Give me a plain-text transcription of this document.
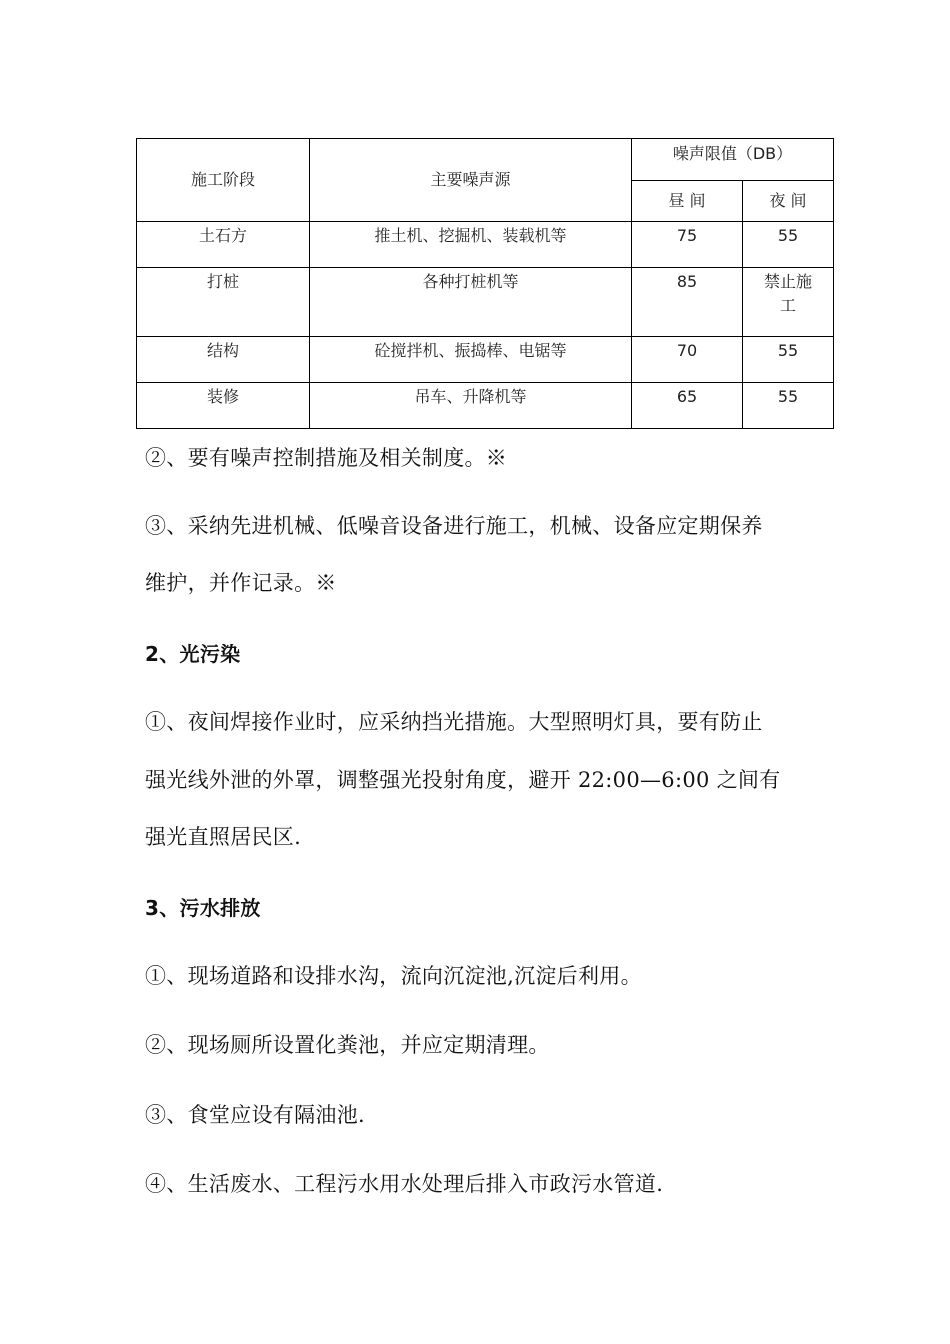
施工阶段	主要噪声源	噪声限值（DB）	
		昼 间	夜 间
土石方	推土机、挖掘机、装载机等	75	55
打桩	各种打桩机等	85	禁止施
工

结构	砼搅拌机、振捣棒、电锯等	70	55
装修	吊车、升降机等	65	55

②、要有噪声控制措施及相关制度。※

③、采纳先进机械、低噪音设备进行施工，机械、设备应定期保养

维护，并作记录。※

2、光污染

①、夜间焊接作业时，应采纳挡光措施。大型照明灯具，要有防止

强光线外泄的外罩，调整强光投射角度，避开 22:00—6:00 之间有

强光直照居民区.

3、污水排放

①、现场道路和设排水沟，流向沉淀池,沉淀后利用。

②、现场厕所设置化粪池，并应定期清理。

③、食堂应设有隔油池.

④、生活废水、工程污水用水处理后排入市政污水管道.
